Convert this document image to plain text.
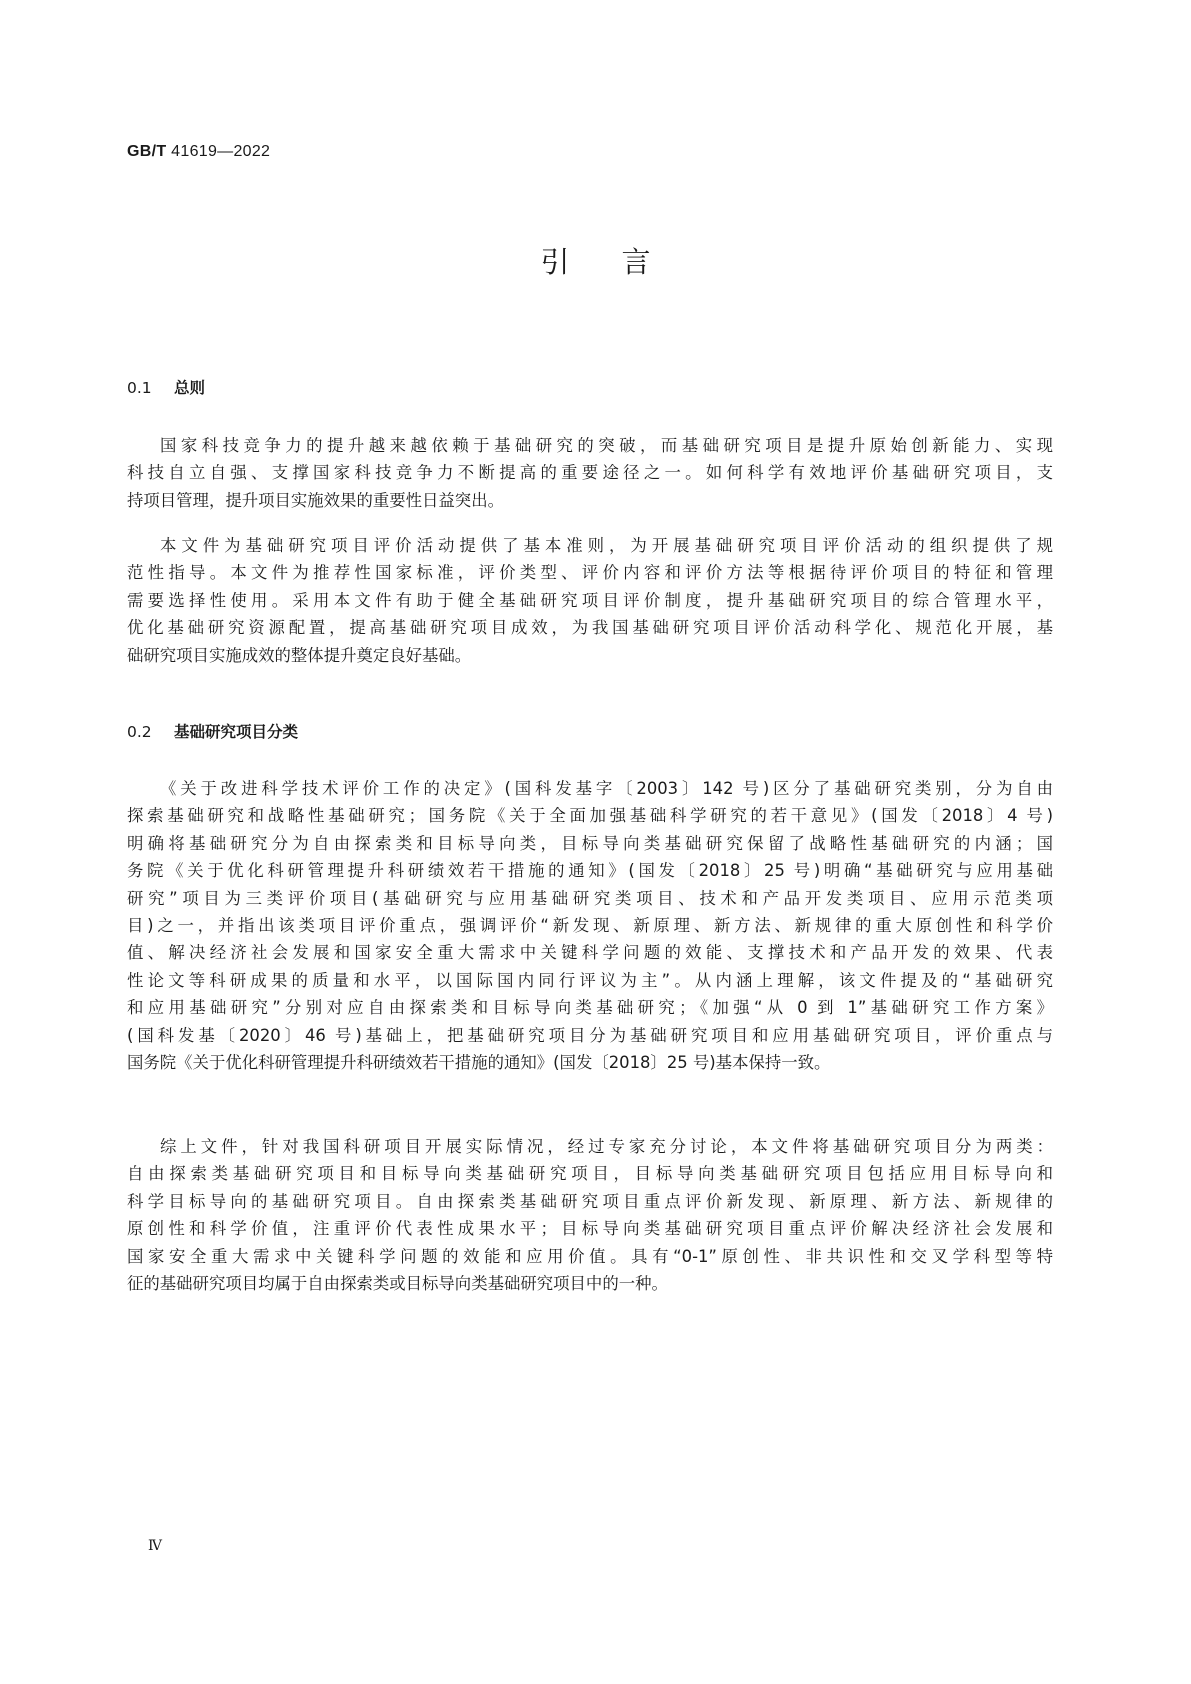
GB/T 41619—2022
引言
0.1 总则
国家科技竞争力的提升越来越依赖于基础研究的突破，而基础研究项目是提升原始创新能力、实现
科技自立自强、支撑国家科技竞争力不断提高的重要途径之一。如何科学有效地评价基础研究项目，支
持项目管理，提升项目实施效果的重要性日益突出。
本文件为基础研究项目评价活动提供了基本准则，为开展基础研究项目评价活动的组织提供了规
范性指导。本文件为推荐性国家标准，评价类型、评价内容和评价方法等根据待评价项目的特征和管理
需要选择性使用。采用本文件有助于健全基础研究项目评价制度，提升基础研究项目的综合管理水平，
优化基础研究资源配置，提高基础研究项目成效，为我国基础研究项目评价活动科学化、规范化开展，基
础研究项目实施成效的整体提升奠定良好基础。
0.2 基础研究项目分类
《关于改进科学技术评价工作的决定》(国科发基字〔2003〕142 号)区分了基础研究类别，分为自由
探索基础研究和战略性基础研究；国务院《关于全面加强基础科学研究的若干意见》(国发〔2018〕4 号)
明确将基础研究分为自由探索类和目标导向类，目标导向类基础研究保留了战略性基础研究的内涵；国
务院《关于优化科研管理提升科研绩效若干措施的通知》(国发〔2018〕25 号)明确“基础研究与应用基础
研究”项目为三类评价项目(基础研究与应用基础研究类项目、技术和产品开发类项目、应用示范类项
目)之一，并指出该类项目评价重点，强调评价“新发现、新原理、新方法、新规律的重大原创性和科学价
值、解决经济社会发展和国家安全重大需求中关键科学问题的效能、支撑技术和产品开发的效果、代表
性论文等科研成果的质量和水平，以国际国内同行评议为主”。从内涵上理解，该文件提及的“基础研究
和应用基础研究”分别对应自由探索类和目标导向类基础研究；《加强“从 0 到 1”基础研究工作方案》
(国科发基〔2020〕46 号)基础上，把基础研究项目分为基础研究项目和应用基础研究项目，评价重点与
国务院《关于优化科研管理提升科研绩效若干措施的通知》(国发〔2018〕25 号)基本保持一致。
综上文件，针对我国科研项目开展实际情况，经过专家充分讨论，本文件将基础研究项目分为两类：
自由探索类基础研究项目和目标导向类基础研究项目，目标导向类基础研究项目包括应用目标导向和
科学目标导向的基础研究项目。自由探索类基础研究项目重点评价新发现、新原理、新方法、新规律的
原创性和科学价值，注重评价代表性成果水平；目标导向类基础研究项目重点评价解决经济社会发展和
国家安全重大需求中关键科学问题的效能和应用价值。具有“0-1”原创性、非共识性和交叉学科型等特
征的基础研究项目均属于自由探索类或目标导向类基础研究项目中的一种。
Ⅳ
